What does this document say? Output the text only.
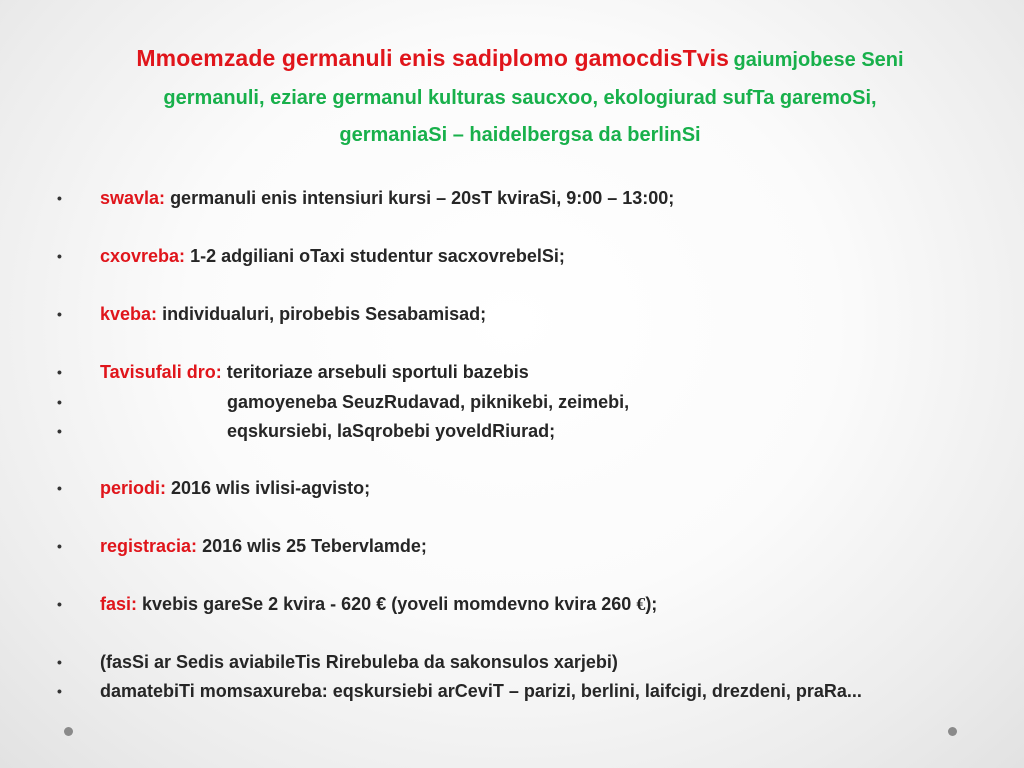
Mmoemzade germanuli enis sadiplomo gamocdisTvis gaiumjobese Seni
germanuli, eziare germanul kulturas saucxoo, ekologiurad sufTa garemoSi,
germaniaSi – haidelbergsa da berlinSi
•	swavla: germanuli enis intensiuri kursi – 20sT kviraSi, 9:00 – 13:00;
•	cxovreba: 1-2 adgiliani oTaxi studentur sacxovrebelSi;
•	kveba: individualuri, pirobebis Sesabamisad;
•	Tavisufali dro: teritoriaze arsebuli sportuli bazebis
•	gamoyeneba SeuzRudavad, piknikebi, zeimebi,
•	eqskursiebi, laSqrobebi yoveldRiurad;
•	periodi: 2016 wlis ivlisi-agvisto;
•	registracia: 2016 wlis 25 Tebervlamde;
•	fasi: kvebis gareSe 2 kvira - 620 € (yoveli momdevno kvira 260 €);
•	(fasSi ar Sedis aviabileTis Rirebuleba da sakonsulos xarjebi)
•	damatebiTi momsaxureba: eqskursiebi arCeviT – parizi, berlini, laifcigi, drezdeni, praRa...
